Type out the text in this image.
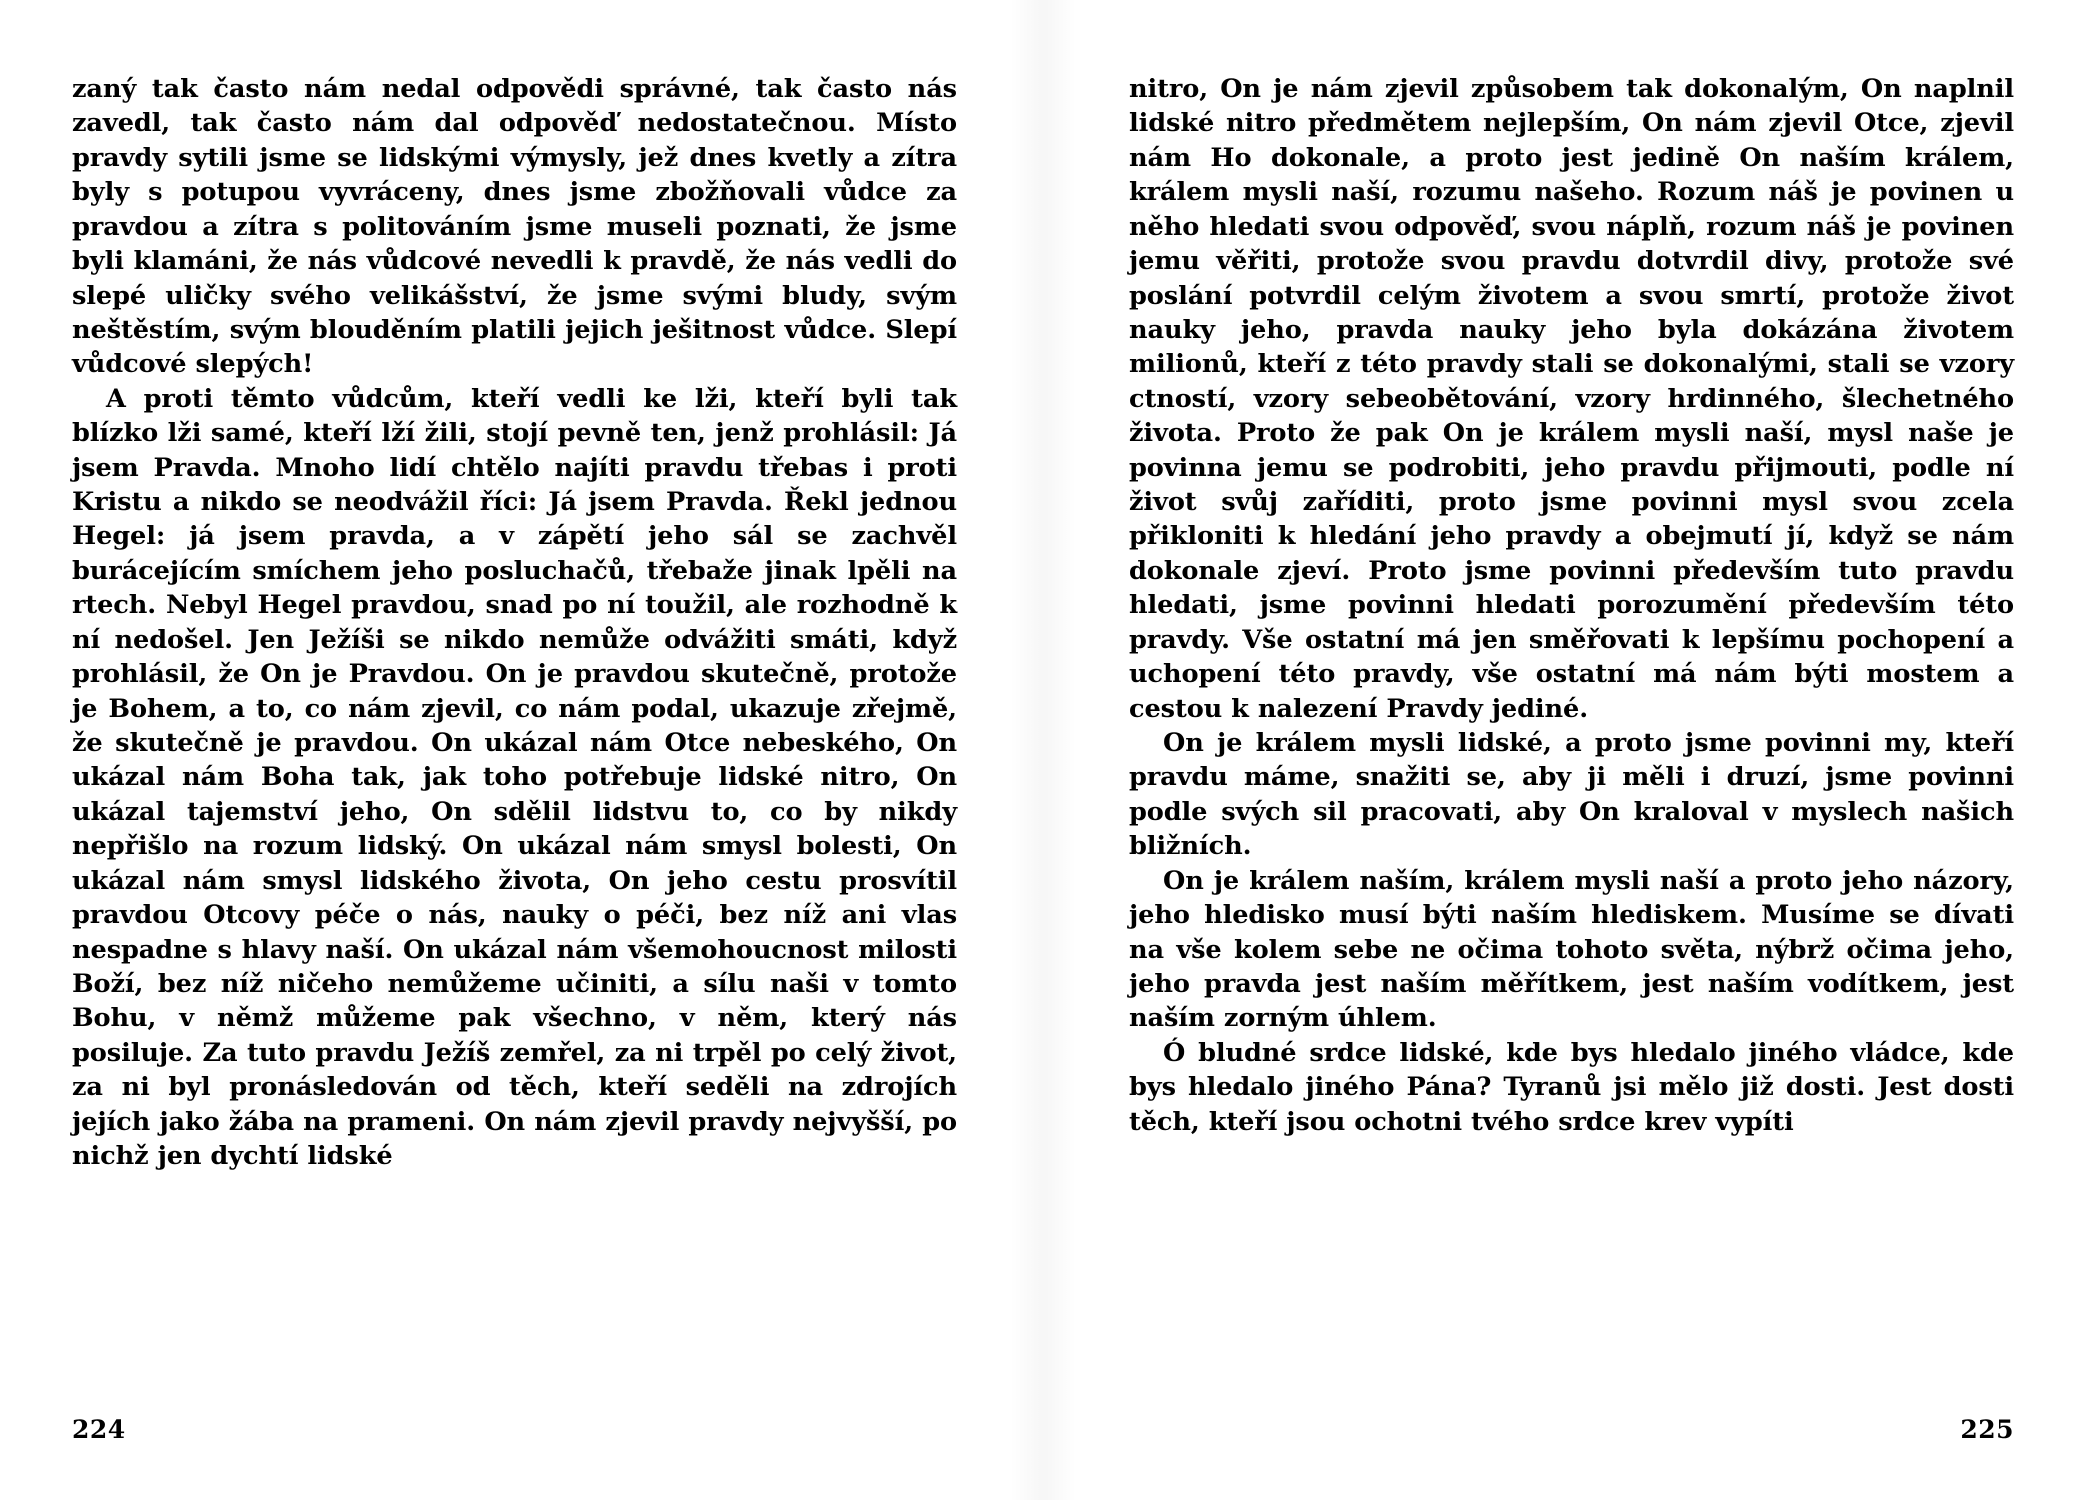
zaný tak často nám nedal odpovědi správné, tak často nás zavedl, tak často nám dal odpověď nedostatečnou. Místo pravdy sytili jsme se lidskými výmysly, jež dnes kvetly a zítra byly s potupou vyvráceny, dnes jsme zbožňovali vůdce za pravdou a zítra s politováním jsme museli poznati, že jsme byli klamáni, že nás vůdcové nevedli k pravdě, že nás vedli do slepé uličky svého velikášství, že jsme svými bludy, svým neštěstím, svým blouděním platili jejich ješitnost vůdce. Slepí vůdcové slepých!

A proti těmto vůdcům, kteří vedli ke lži, kteří byli tak blízko lži samé, kteří lží žili, stojí pevně ten, jenž prohlásil: Já jsem Pravda. Mnoho lidí chtělo najíti pravdu třebas i proti Kristu a nikdo se neodvážil říci: Já jsem Pravda. Řekl jednou Hegel: já jsem pravda, a v zápětí jeho sál se zachvěl burácejícím smíchem jeho posluchačů, třebaže jinak lpěli na rtech. Nebyl Hegel pravdou, snad po ní toužil, ale rozhodně k ní nedošel. Jen Ježíši se nikdo nemůže odvážiti smáti, když prohlásil, že On je Pravdou. On je pravdou skutečně, protože je Bohem, a to, co nám zjevil, co nám podal, ukazuje zřejmě, že skutečně je pravdou. On ukázal nám Otce nebeského, On ukázal nám Boha tak, jak toho potřebuje lidské nitro, On ukázal tajemství jeho, On sdělil lidstvu to, co by nikdy nepřišlo na rozum lidský. On ukázal nám smysl bolesti, On ukázal nám smysl lidského života, On jeho cestu prosvítil pravdou Otcovy péče o nás, nauky o péči, bez níž ani vlas nespadne s hlavy naší. On ukázal nám všemohoucnost milosti Boží, bez níž ničeho nemůžeme učiniti, a sílu naši v tomto Bohu, v němž můžeme pak všechno, v něm, který nás posiluje. Za tuto pravdu Ježíš zemřel, za ni trpěl po celý život, za ni byl pronásledován od těch, kteří seděli na zdrojích jejích jako žába na prameni. On nám zjevil pravdy nejvyšší, po nichž jen dychtí lidské

224

nitro, On je nám zjevil způsobem tak dokonalým, On naplnil lidské nitro předmětem nejlepším, On nám zjevil Otce, zjevil nám Ho dokonale, a proto jest jedině On naším králem, králem mysli naší, rozumu našeho. Rozum náš je povinen u něho hledati svou odpověď, svou náplň, rozum náš je povinen jemu věřiti, protože svou pravdu dotvrdil divy, protože své poslání potvrdil celým životem a svou smrtí, protože život nauky jeho, pravda nauky jeho byla dokázána životem milionů, kteří z této pravdy stali se dokonalými, stali se vzory ctností, vzory sebeobětování, vzory hrdinného, šlechetného života. Proto že pak On je králem mysli naší, mysl naše je povinna jemu se podrobiti, jeho pravdu přijmouti, podle ní život svůj zaříditi, proto jsme povinni mysl svou zcela přikloniti k hledání jeho pravdy a obejmutí jí, když se nám dokonale zjeví. Proto jsme povinni především tuto pravdu hledati, jsme povinni hledati porozumění především této pravdy. Vše ostatní má jen směřovati k lepšímu pochopení a uchopení této pravdy, vše ostatní má nám býti mostem a cestou k nalezení Pravdy jediné.

On je králem mysli lidské, a proto jsme povinni my, kteří pravdu máme, snažiti se, aby ji měli i druzí, jsme povinni podle svých sil pracovati, aby On kraloval v myslech našich bližních.

On je králem naším, králem mysli naší a proto jeho názory, jeho hledisko musí býti naším hlediskem. Musíme se dívati na vše kolem sebe ne očima tohoto světa, nýbrž očima jeho, jeho pravda jest naším měřítkem, jest naším vodítkem, jest naším zorným úhlem.

Ó bludné srdce lidské, kde bys hledalo jiného vládce, kde bys hledalo jiného Pána? Tyranů jsi mělo již dosti. Jest dosti těch, kteří jsou ochotni tvého srdce krev vypíti

225
